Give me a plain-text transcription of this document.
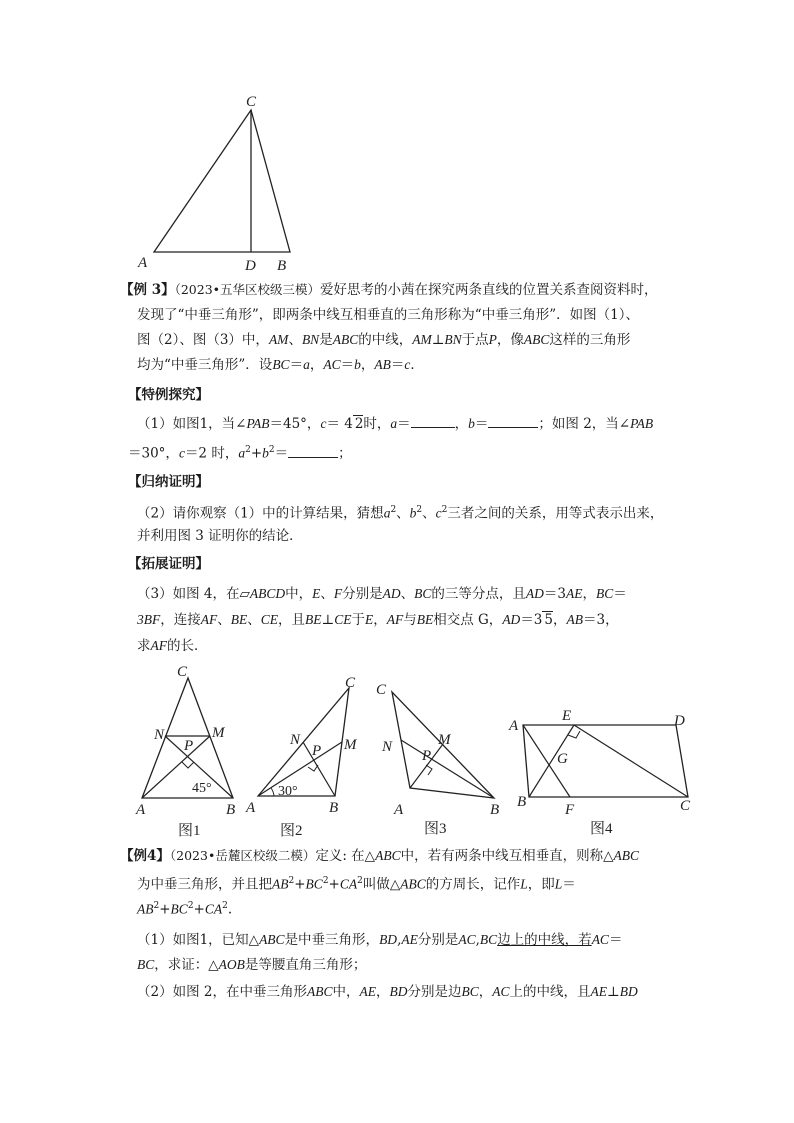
C
A	D B
【例 3】（2023•五华区校级三模）爱好思考的小茜在探究两条直线的位置关系查阅资料时，
发现了“中垂三角形”，即两条中线互相垂直的三角形称为“中垂三角形”．如图（1）、
图（2）、图（3）中，AM、BN是ABC的中线，AM⊥BN于点P，像ABC这样的三角形
均为“中垂三角形”．设BC＝a，AC＝b，AB＝c．
【特例探究】
（1）如图1，当∠PAB＝45°，c＝ 4 2时，a＝	，b＝	；如图 2，当∠PAB
＝30°，c＝2 时，$a^2+b^2=$	；
【归纳证明】
（2）请你观察（1）中的计算结果，猜想$a^2$、$b^2$、$c^2$三者之间的关系，用等式表示出来，
并利用图 3 证明你的结论．
【拓展证明】
（3）如图 4，在▱ABCD中，E、F分别是AD、BC的三等分点，且AD＝3AE，BC＝
3BF，连接AF、BE、CE，且BE⊥CE于E，AF与BE相交点 G，AD＝3 5，AB＝3，
求AF的长．
C
N	M
P
45°
A	B
图1
C
N
P M
30°
A	B
图2
C
N
P
M
A	B
图3
A
E	D
G
B	F	C
图4
【例4】（2023•岳麓区校级二模）定义: 在△ABC中，若有两条中线互相垂直，则称△ABC
为中垂三角形，并且把$AB^2+BC^2+CA^2$叫做△ABC的方周长，记作L，即L＝
$AB^2+BC^2+CA^2$.
（1）如图1，已知△ABC是中垂三角形，BD,AE分别是AC,BC边上的中线，若AC＝
BC，求证：△AOB是等腰直角三角形；
（2）如图 2，在中垂三角形ABC中，AE，BD分别是边BC，AC上的中线，且AE⊥BD
